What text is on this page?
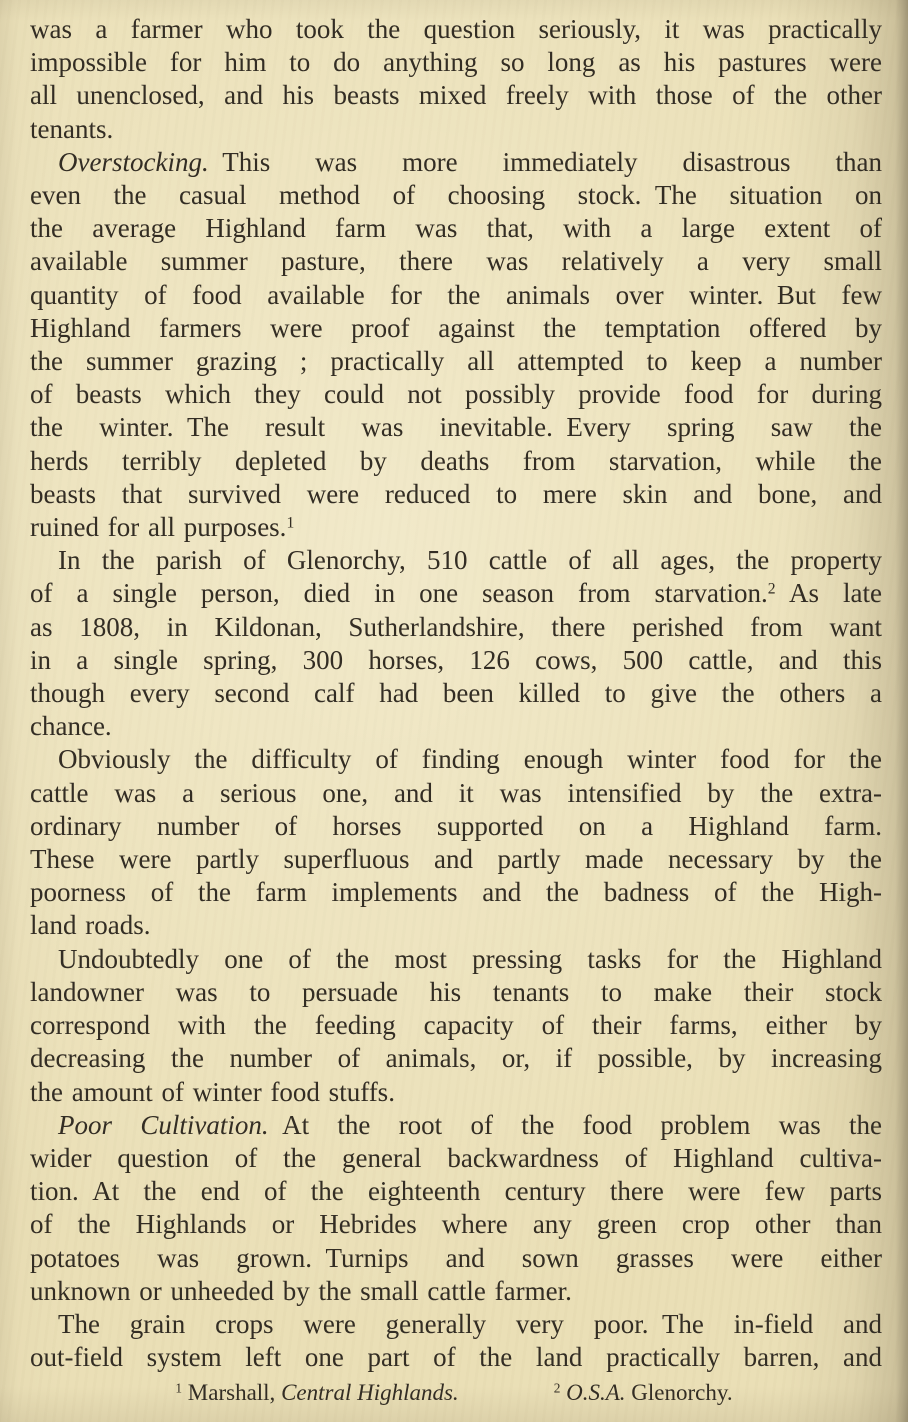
was a farmer who took the question seriously, it was practically
impossible for him to do anything so long as his pastures were
all unenclosed, and his beasts mixed freely with those of the other
tenants.
Overstocking. This was more immediately disastrous than
even the casual method of choosing stock. The situation on
the average Highland farm was that, with a large extent of
available summer pasture, there was relatively a very small
quantity of food available for the animals over winter. But few
Highland farmers were proof against the temptation offered by
the summer grazing ; practically all attempted to keep a number
of beasts which they could not possibly provide food for during
the winter. The result was inevitable. Every spring saw the
herds terribly depleted by deaths from starvation, while the
beasts that survived were reduced to mere skin and bone, and
ruined for all purposes.$^1$
In the parish of Glenorchy, 510 cattle of all ages, the property
of a single person, died in one season from starvation.$^2$ As late
as 1808, in Kildonan, Sutherlandshire, there perished from want
in a single spring, 300 horses, 126 cows, 500 cattle, and this
though every second calf had been killed to give the others a
chance.
Obviously the difficulty of finding enough winter food for the
cattle was a serious one, and it was intensified by the extra-
ordinary number of horses supported on a Highland farm.
These were partly superfluous and partly made necessary by the
poorness of the farm implements and the badness of the High-
land roads.
Undoubtedly one of the most pressing tasks for the Highland
landowner was to persuade his tenants to make their stock
correspond with the feeding capacity of their farms, either by
decreasing the number of animals, or, if possible, by increasing
the amount of winter food stuffs.
Poor Cultivation. At the root of the food problem was the
wider question of the general backwardness of Highland cultiva-
tion. At the end of the eighteenth century there were few parts
of the Highlands or Hebrides where any green crop other than
potatoes was grown. Turnips and sown grasses were either
unknown or unheeded by the small cattle farmer.
The grain crops were generally very poor. The in-field and
out-field system left one part of the land practically barren, and
$^1$ Marshall, Central Highlands.	$^2$ O.S.A. Glenorchy.
